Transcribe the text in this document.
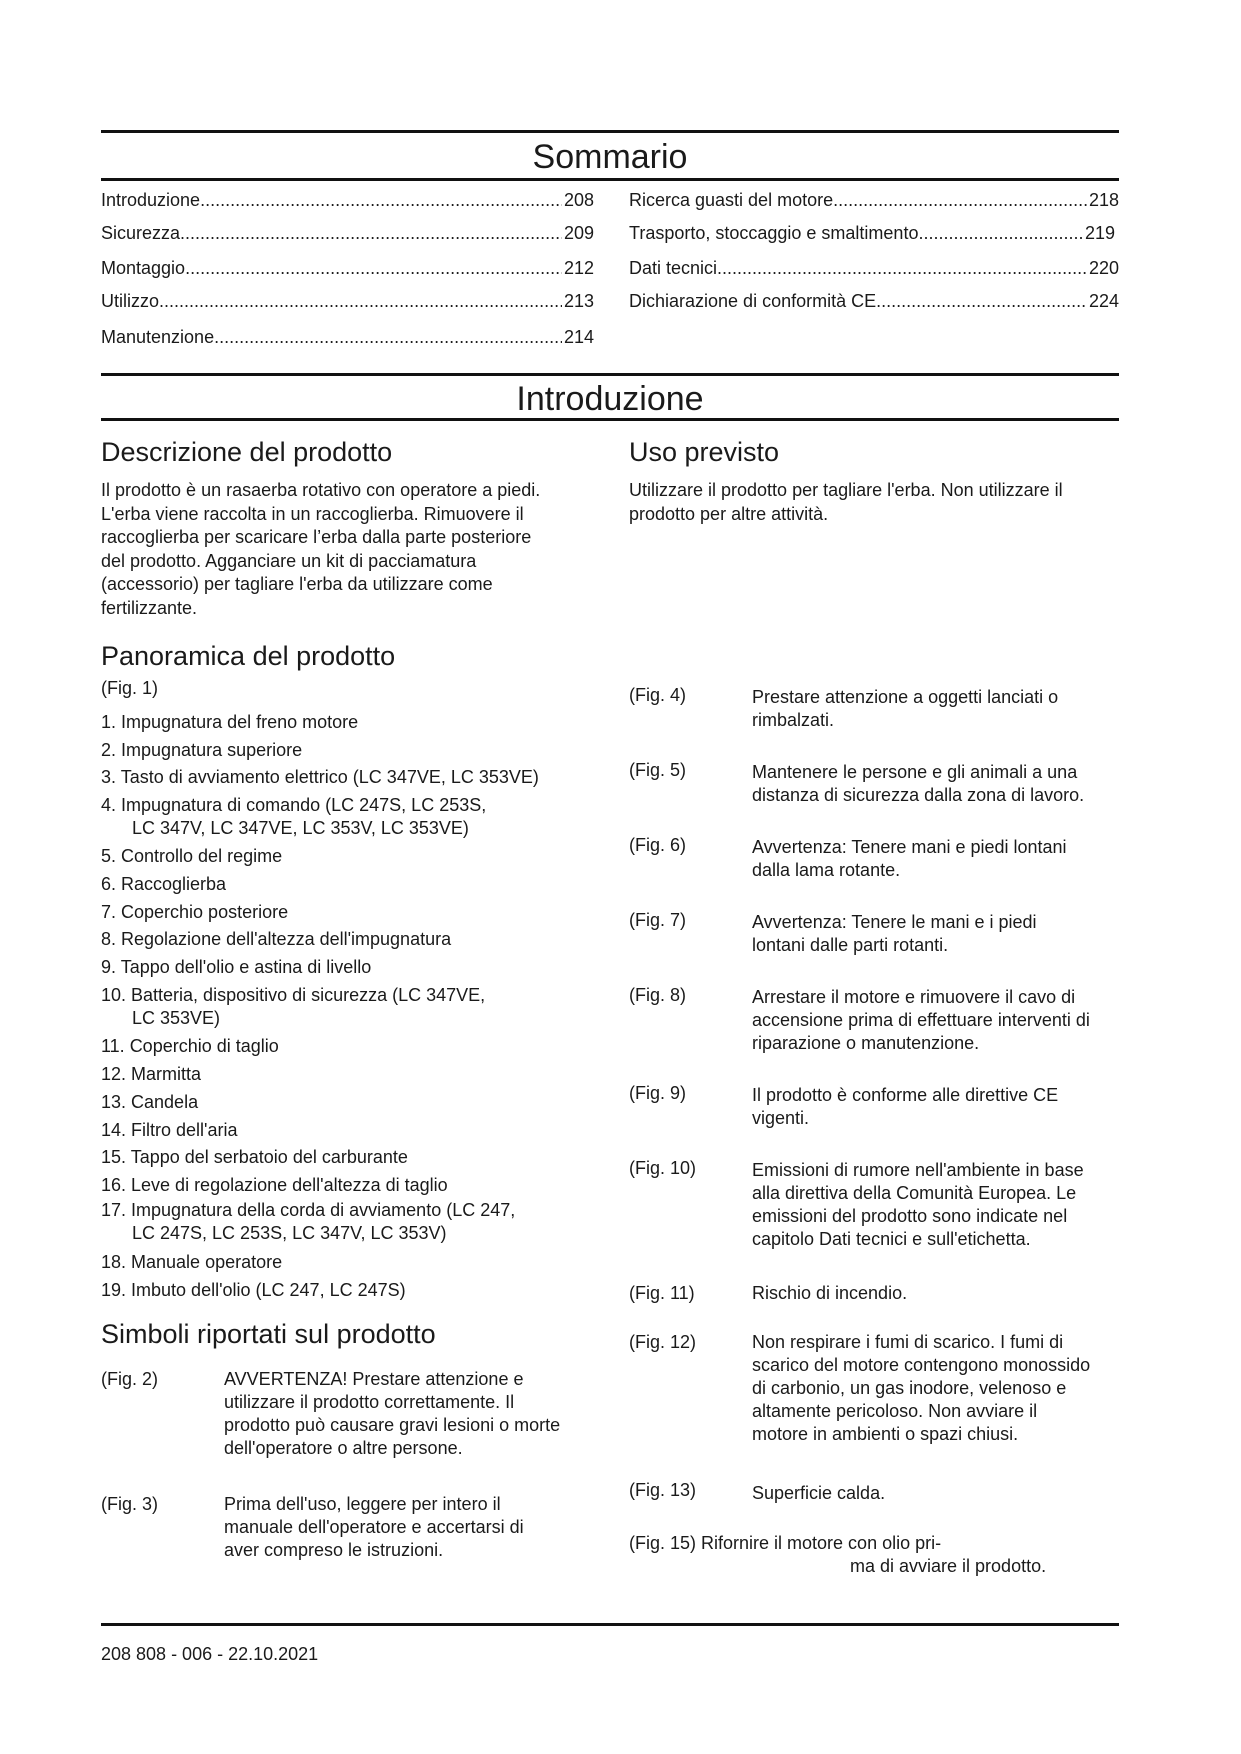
Sommario
Introduzione .....	208
Sicurezza .....	209
Montaggio .....	212
Utilizzo .....	213
Manutenzione .....	214
Ricerca guasti del motore .....	218
Trasporto, stoccaggio e smaltimento .....	219
Dati tecnici .....	220
Dichiarazione di conformità CE .....	224
Introduzione
Descrizione del prodotto
Il prodotto è un rasaerba rotativo con operatore a piedi.
L'erba viene raccolta in un raccoglierba. Rimuovere il
raccoglierba per scaricare l’erba dalla parte posteriore
del prodotto. Agganciare un kit di pacciamatura
(accessorio) per tagliare l'erba da utilizzare come
fertilizzante.
Panoramica del prodotto
(Fig. 1)
1. Impugnatura del freno motore
2. Impugnatura superiore
3. Tasto di avviamento elettrico (LC 347VE, LC 353VE)
4. Impugnatura di comando (LC 247S, LC 253S,
LC 347V, LC 347VE, LC 353V, LC 353VE)
5. Controllo del regime
6. Raccoglierba
7. Coperchio posteriore
8. Regolazione dell'altezza dell'impugnatura
9. Tappo dell'olio e astina di livello
10. Batteria, dispositivo di sicurezza (LC 347VE,
LC 353VE)
11. Coperchio di taglio
12. Marmitta
13. Candela
14. Filtro dell'aria
15. Tappo del serbatoio del carburante
16. Leve di regolazione dell'altezza di taglio
17. Impugnatura della corda di avviamento (LC 247,
LC 247S, LC 253S, LC 347V, LC 353V)
18. Manuale operatore
19. Imbuto dell'olio (LC 247, LC 247S)
Simboli riportati sul prodotto
(Fig. 2)	AVVERTENZA! Prestare attenzione e
utilizzare il prodotto correttamente. Il
prodotto può causare gravi lesioni o morte
dell'operatore o altre persone.
(Fig. 3)	Prima dell'uso, leggere per intero il
manuale dell'operatore e accertarsi di
aver compreso le istruzioni.
Uso previsto
Utilizzare il prodotto per tagliare l'erba. Non utilizzare il
prodotto per altre attività.
(Fig. 4)	Prestare attenzione a oggetti lanciati o
rimbalzati.
(Fig. 5)	Mantenere le persone e gli animali a una
distanza di sicurezza dalla zona di lavoro.
(Fig. 6)	Avvertenza: Tenere mani e piedi lontani
dalla lama rotante.
(Fig. 7)	Avvertenza: Tenere le mani e i piedi
lontani dalle parti rotanti.
(Fig. 8)	Arrestare il motore e rimuovere il cavo di
accensione prima di effettuare interventi di
riparazione o manutenzione.
(Fig. 9)	Il prodotto è conforme alle direttive CE
vigenti.
(Fig. 10)	Emissioni di rumore nell'ambiente in base
alla direttiva della Comunità Europea. Le
emissioni del prodotto sono indicate nel
capitolo Dati tecnici e sull'etichetta.
(Fig. 11)	Rischio di incendio.
(Fig. 12)	Non respirare i fumi di scarico. I fumi di
scarico del motore contengono monossido
di carbonio, un gas inodore, velenoso e
altamente pericoloso. Non avviare il
motore in ambienti o spazi chiusi.
(Fig. 13)	Superficie calda.
(Fig. 15) Rifornire il motore con olio pri-
ma di avviare il prodotto.
208 808 - 006 - 22.10.2021
